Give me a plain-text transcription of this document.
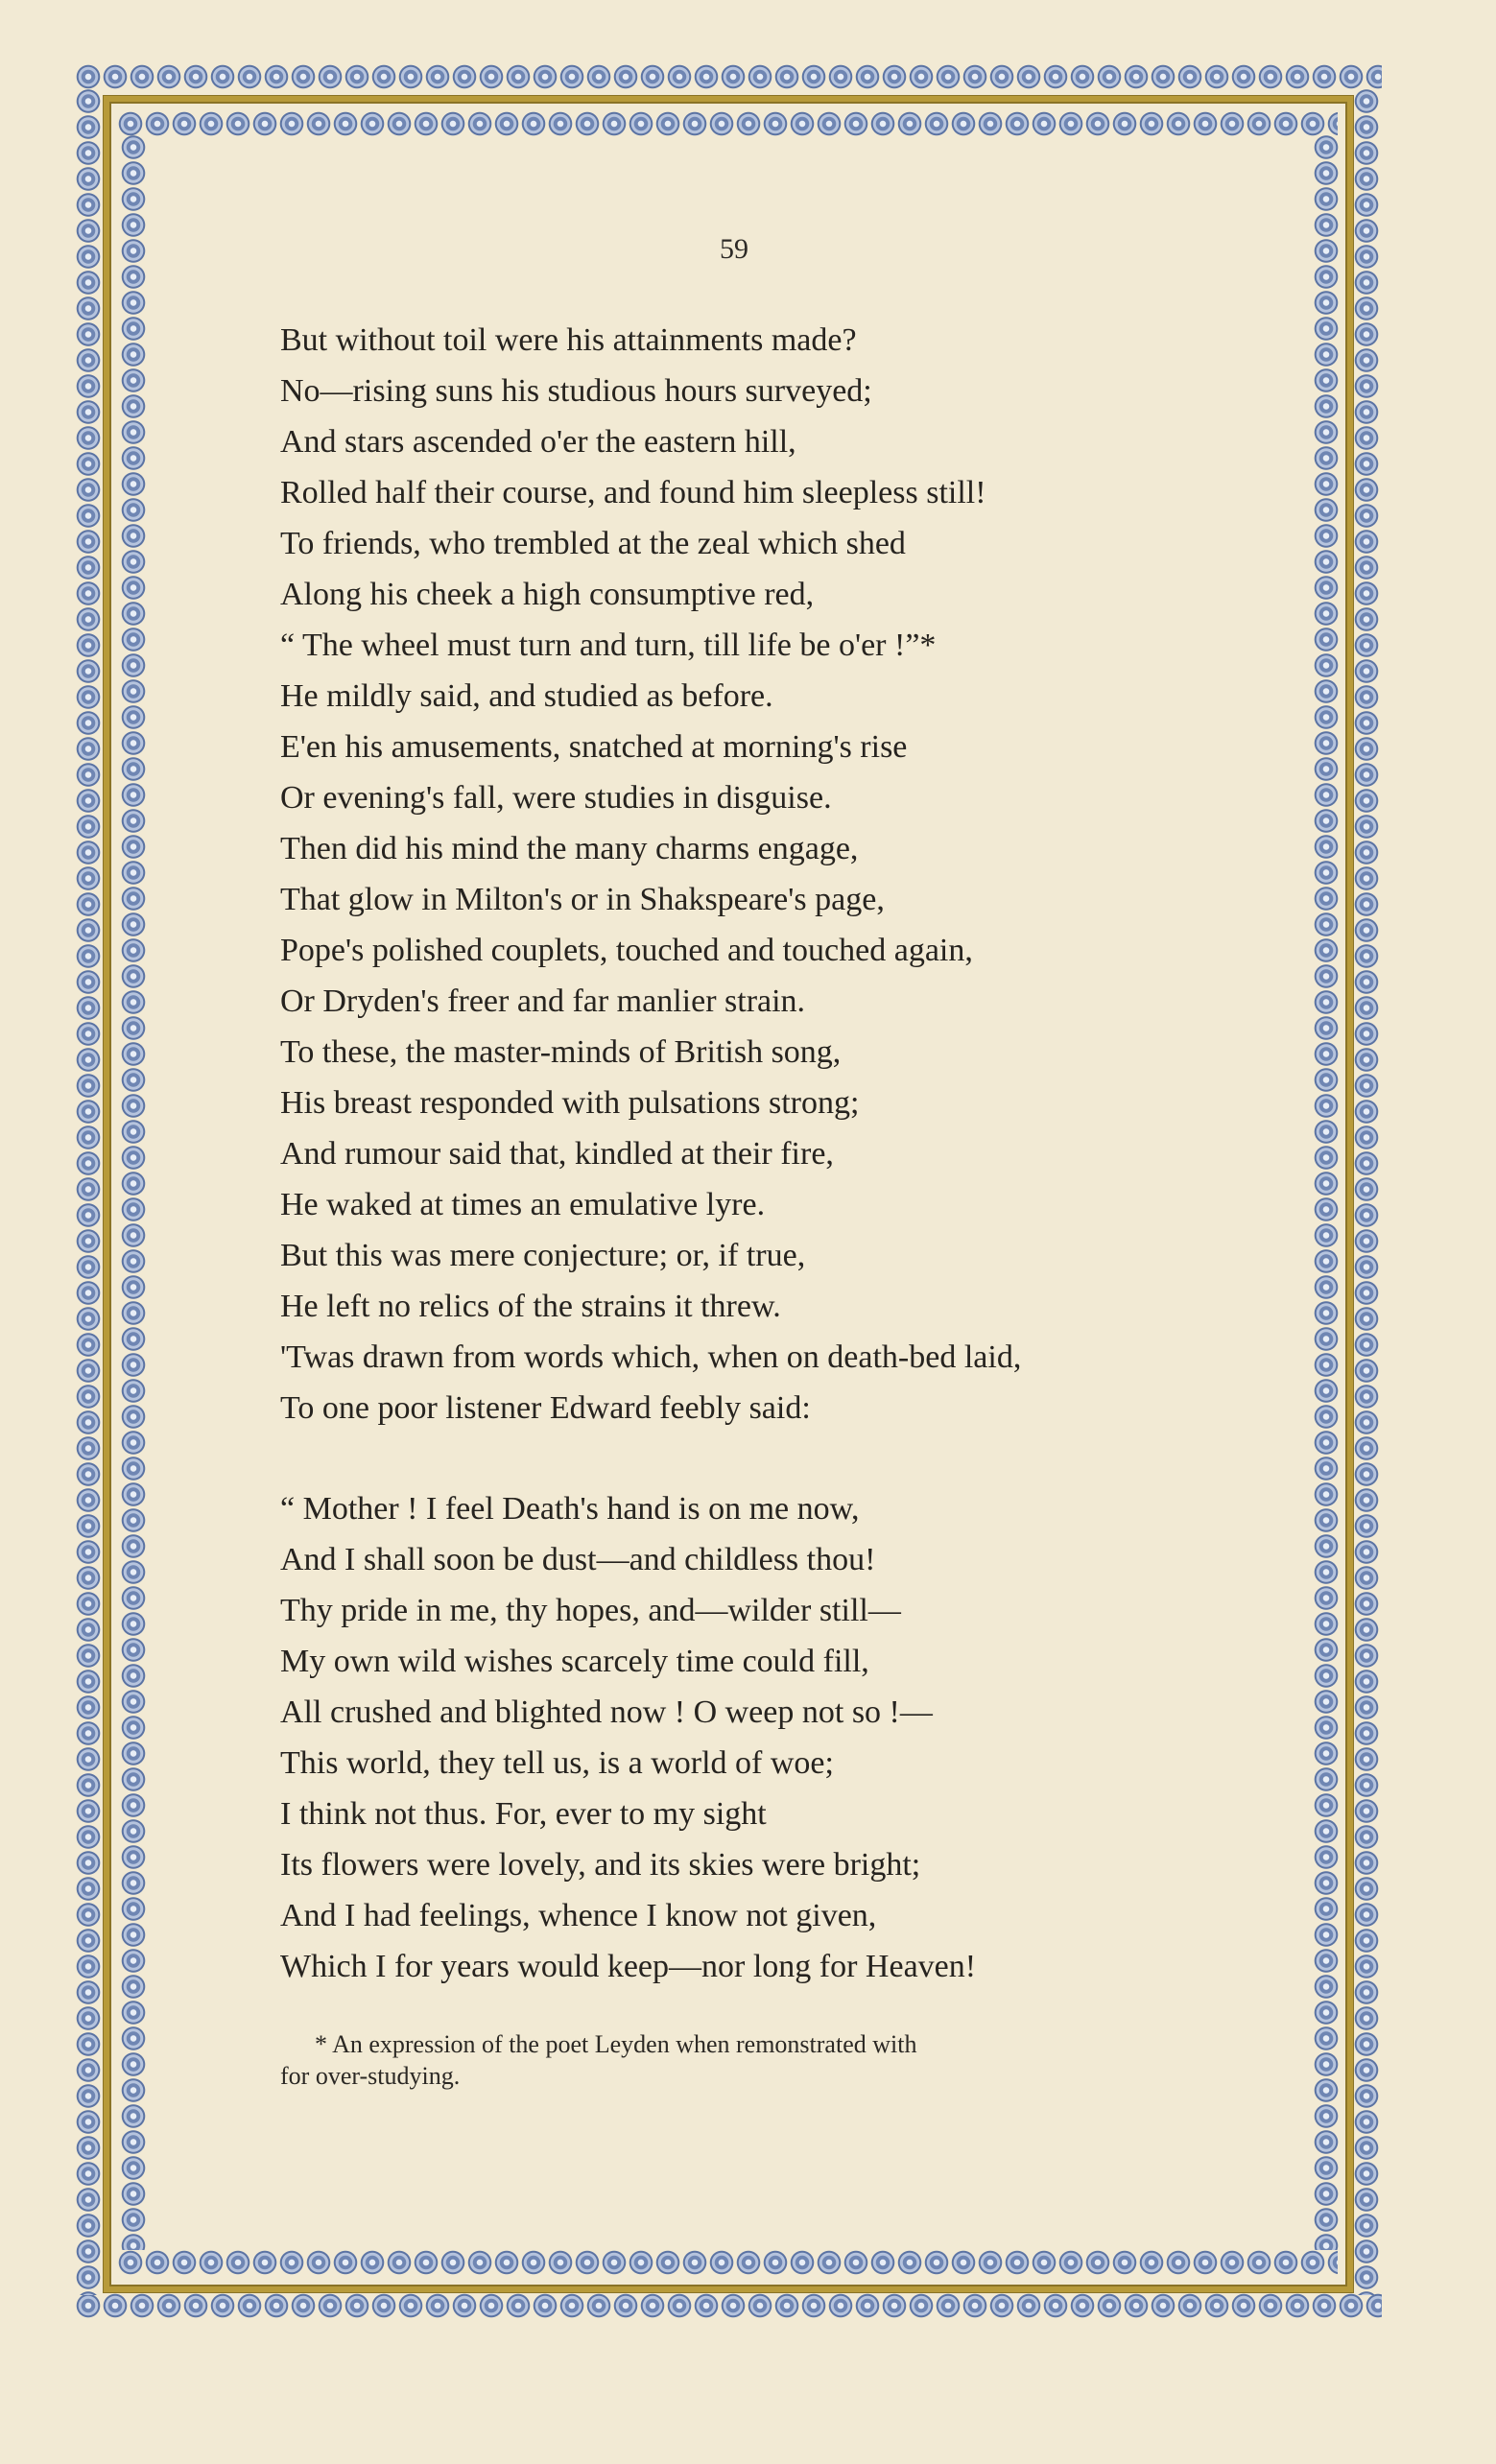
59
But without toil were his attainments made?
No—rising suns his studious hours surveyed;
And stars ascended o'er the eastern hill,
Rolled half their course, and found him sleepless still!
To friends, who trembled at the zeal which shed
Along his cheek a high consumptive red,
“ The wheel must turn and turn, till life be o'er !”*
He mildly said, and studied as before.
E'en his amusements, snatched at morning's rise
Or evening's fall, were studies in disguise.
Then did his mind the many charms engage,
That glow in Milton's or in Shakspeare's page,
Pope's polished couplets, touched and touched again,
Or Dryden's freer and far manlier strain.
To these, the master-minds of British song,
His breast responded with pulsations strong;
And rumour said that, kindled at their fire,
He waked at times an emulative lyre.
But this was mere conjecture; or, if true,
He left no relics of the strains it threw.
'Twas drawn from words which, when on death-bed laid,
To one poor listener Edward feebly said:
“ Mother ! I feel Death's hand is on me now,
And I shall soon be dust—and childless thou!
Thy pride in me, thy hopes, and—wilder still—
My own wild wishes scarcely time could fill,
All crushed and blighted now ! O weep not so !—
This world, they tell us, is a world of woe;
I think not thus. For, ever to my sight
Its flowers were lovely, and its skies were bright;
And I had feelings, whence I know not given,
Which I for years would keep—nor long for Heaven!
* An expression of the poet Leyden when remonstrated with
for over-studying.
